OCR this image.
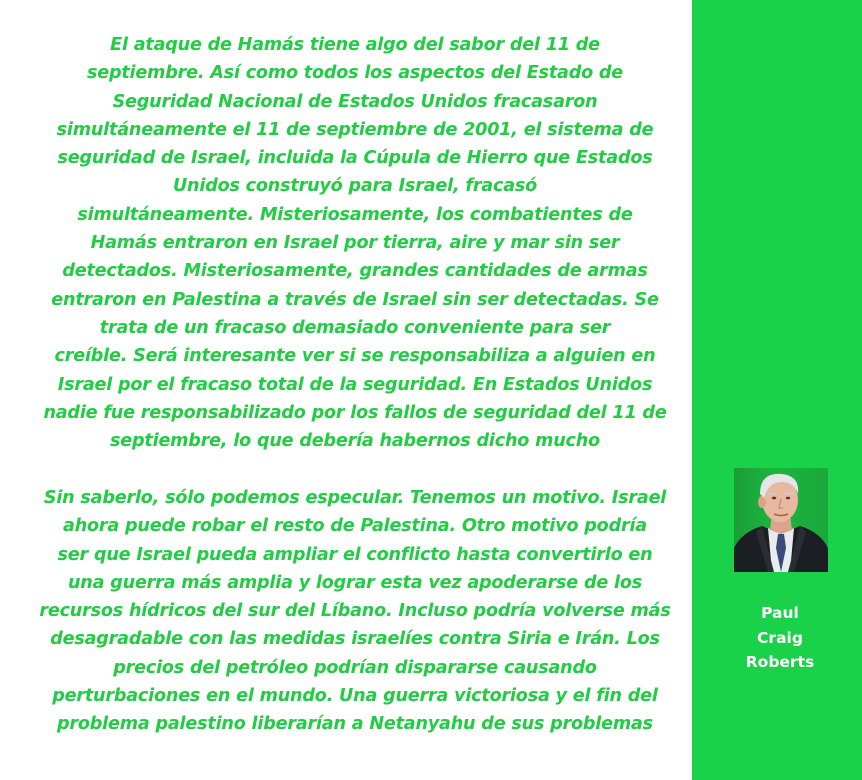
El ataque de Hamás tiene algo del sabor del 11 de
septiembre. Así como todos los aspectos del Estado de
Seguridad Nacional de Estados Unidos fracasaron
simultáneamente el 11 de septiembre de 2001, el sistema de
seguridad de Israel, incluida la Cúpula de Hierro que Estados
Unidos construyó para Israel, fracasó
simultáneamente. Misteriosamente, los combatientes de
Hamás entraron en Israel por tierra, aire y mar sin ser
detectados. Misteriosamente, grandes cantidades de armas
entraron en Palestina a través de Israel sin ser detectadas. Se
trata de un fracaso demasiado conveniente para ser
creíble. Será interesante ver si se responsabiliza a alguien en
Israel por el fracaso total de la seguridad. En Estados Unidos
nadie fue responsabilizado por los fallos de seguridad del 11 de
septiembre, lo que debería habernos dicho mucho

Sin saberlo, sólo podemos especular. Tenemos un motivo. Israel
ahora puede robar el resto de Palestina. Otro motivo podría
ser que Israel pueda ampliar el conflicto hasta convertirlo en
una guerra más amplia y lograr esta vez apoderarse de los
recursos hídricos del sur del Líbano. Incluso podría volverse más
desagradable con las medidas israelíes contra Siria e Irán. Los
precios del petróleo podrían dispararse causando
perturbaciones en el mundo. Una guerra victoriosa y el fin del
problema palestino liberarían a Netanyahu de sus problemas

Paul
Craig
Roberts
